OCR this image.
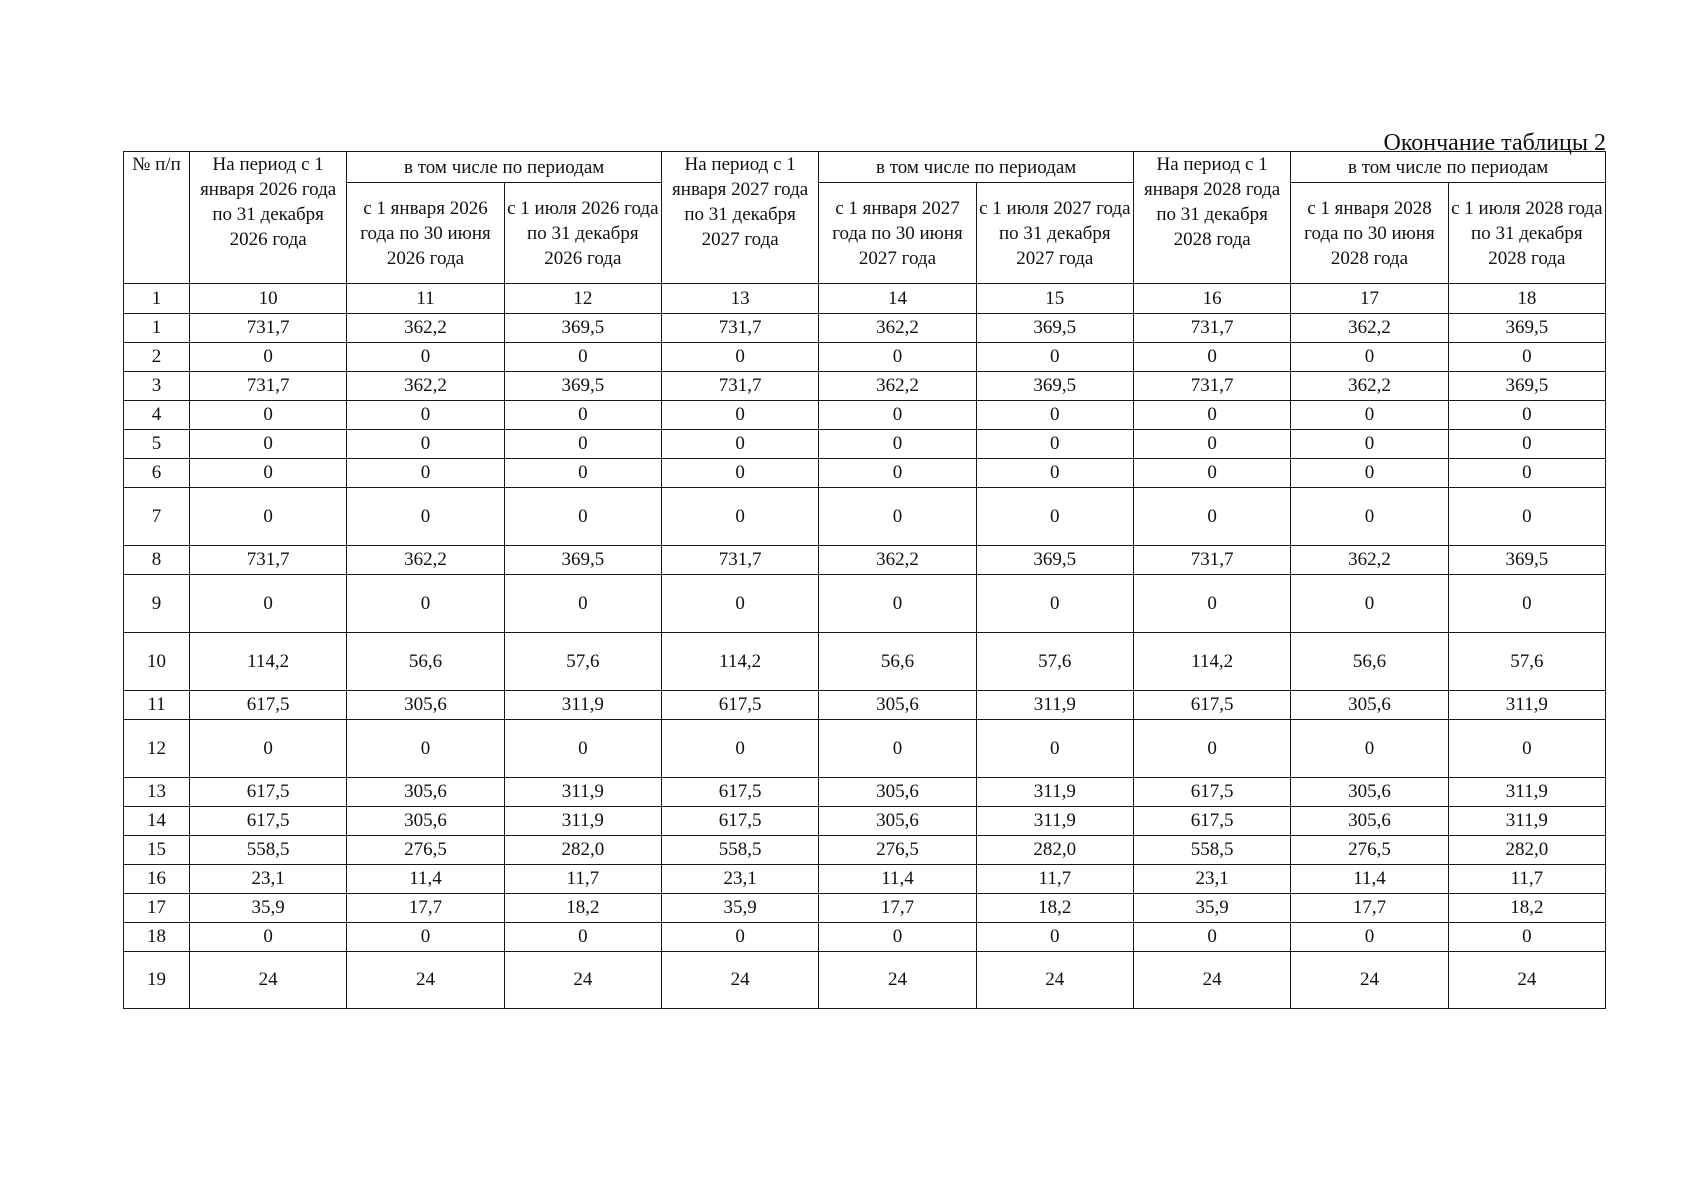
Окончание таблицы 2
№ п/п	На период с 1 января 2026 года по 31 декабря 2026 года	в том числе по периодам		На период с 1 января 2027 года по 31 декабря 2027 года	в том числе по периодам		На период с 1 января 2028 года по 31 декабря 2028 года	в том числе по периодам	
		с 1 января 2026 года по 30 июня 2026 года	с 1 июля 2026 года по 31 декабря 2026 года		с 1 января 2027 года по 30 июня 2027 года	с 1 июля 2027 года по 31 декабря 2027 года		с 1 января 2028 года по 30 июня 2028 года	с 1 июля 2028 года по 31 декабря 2028 года
1	10	11	12	13	14	15	16	17	18
1	731,7	362,2	369,5	731,7	362,2	369,5	731,7	362,2	369,5
2	0	0	0	0	0	0	0	0	0
3	731,7	362,2	369,5	731,7	362,2	369,5	731,7	362,2	369,5
4	0	0	0	0	0	0	0	0	0
5	0	0	0	0	0	0	0	0	0
6	0	0	0	0	0	0	0	0	0
7	0	0	0	0	0	0	0	0	0
8	731,7	362,2	369,5	731,7	362,2	369,5	731,7	362,2	369,5
9	0	0	0	0	0	0	0	0	0
10	114,2	56,6	57,6	114,2	56,6	57,6	114,2	56,6	57,6
11	617,5	305,6	311,9	617,5	305,6	311,9	617,5	305,6	311,9
12	0	0	0	0	0	0	0	0	0
13	617,5	305,6	311,9	617,5	305,6	311,9	617,5	305,6	311,9
14	617,5	305,6	311,9	617,5	305,6	311,9	617,5	305,6	311,9
15	558,5	276,5	282,0	558,5	276,5	282,0	558,5	276,5	282,0
16	23,1	11,4	11,7	23,1	11,4	11,7	23,1	11,4	11,7
17	35,9	17,7	18,2	35,9	17,7	18,2	35,9	17,7	18,2
18	0	0	0	0	0	0	0	0	0
19	24	24	24	24	24	24	24	24	24
